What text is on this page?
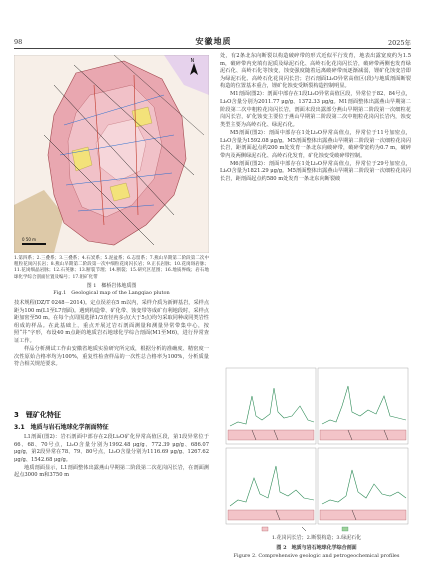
98	安徽地质	2025年
N
0 50 m
1.第四系；2.三叠系；3.三叠系；4.石炭系；5.泥盆系；6.志留系；7.燕山早期第二阶段第二次中粗粒花岗闪长岩；8.燕山早期第二阶段第一次中细粒花岗闪长岩；9.正长岩脉；10.花岗斑岩脉；11.花岗细晶岩脉；12.石英脉；13.断裂节理；14.断裂；15.研究区范围；16.地质界线；岩石地球化学综合剖面位置及编号；17.钼矿化带
图 1　榔桥岩体地质图
Fig.1　Geological map of the Langqiao pluton

技术规程(DZ/T 0248－2014)。定点误差在5 m以内，采样介质为新鲜基岩，采样点距为100 m(L1至L7剖面)。遇到构造带、矿化带、蚀变带等成矿有利地段时，采样点距加密至50 m。在每个点周围选择1/3直径内多点(大于5点)均匀采取同种或同类岩性组成的样品。在此基础上，重点开展过岩石剖面测量和测量异常带集中心，按照“井”字形，布设40 m点距的地质岩石地球化学综合剖面(M1至M6)，进行异常查证工作。

样品分析测试工作由安徽省地质实验研究所完成，根据分析的准确度、精密度一次性原始合格率均为100%，重复性检查样品的一次性总合格率为100%，分析质量符合相关规范要求。

3　锂矿化特征
3.1　地质与岩石地球化学剖面特征

L1剖面(图2)：岩石剖面中部存在2段Li₂O矿化异常高值区段，第1段异常位于66、68、70号点，Li₂O含量分别为1992.48 μg/g、772.39 μg/g、686.07 μg/g，第2段异常在78、79、80号点，Li₂O含量分别为1116.69 μg/g、1267.62 μg/g、1542.68 μg/g。

地质剖面显示，L1剖面整体出露燕山早期第二阶段第二次花岗闪长岩，在剖面测起点3000 m和3750 m

处，有2条北东向断裂以构造破碎带的形式近似平行发育，地表出露宽度约为1.5 m，破碎带内充填有泥质及绿泥石化、高岭石化花岗闪长岩，破碎带两侧也发育绿泥石化、高岭石化等蚀变，蚀变强度随着远离破碎带而逐渐减弱，锂矿化蚀变岩即为绿泥石化、高岭石化花岗闪长岩；岩石剖面Li₂O异常高值区(段)与地质剖面断裂构造的位置基本重合，锂矿化蚀变受断裂构造控制明显。

M1剖面(图2)：剖面中部存在1段Li₂O异常高值区段，异常位于82、84号点，Li₂O含量分别为2011.77 μg/g、1372.33 μg/g。M1剖面整体出露燕山早期第二阶段第二次中粗粒花岗闪长岩，剖面末段出露部分燕山早期第二阶段第一次细粒花岗闪长岩，矿化蚀变主要位于燕山早期第二阶段第二次中粗粒花岗闪长岩内，蚀变类型主要为高岭石化、绿泥石化。

M5剖面(图2)：剖面中部存在1处Li₂O异常高值点，异常位于11号加密点，Li₂O含量为1592.08 μg/g。M5剖面整体出露燕山早期第二阶段第一次细粒花岗闪长岩，距剖面起点约200 m处发育一条北东向破碎带，破碎带宽约为0.7 m，破碎带内及两侧绿泥石化、高岭石化发育，矿化蚀变受破碎带控制。

M6剖面(图2)：剖面中部存在1处Li₂O异常高值点，异常位于29号加密点，Li₂O含量为1821.29 μg/g。M5剖面整体出露燕山早期第二阶段第一次细粒花岗闪长岩，距剖面起点约580 m处发育一条北东向断裂破

1.花岗闪长岩；2.断裂构造；3.绿泥石化
图 2　地质与岩石地球化学综合剖面
Figure 2. Comprehensive geologic and petrogeochemical profiles
